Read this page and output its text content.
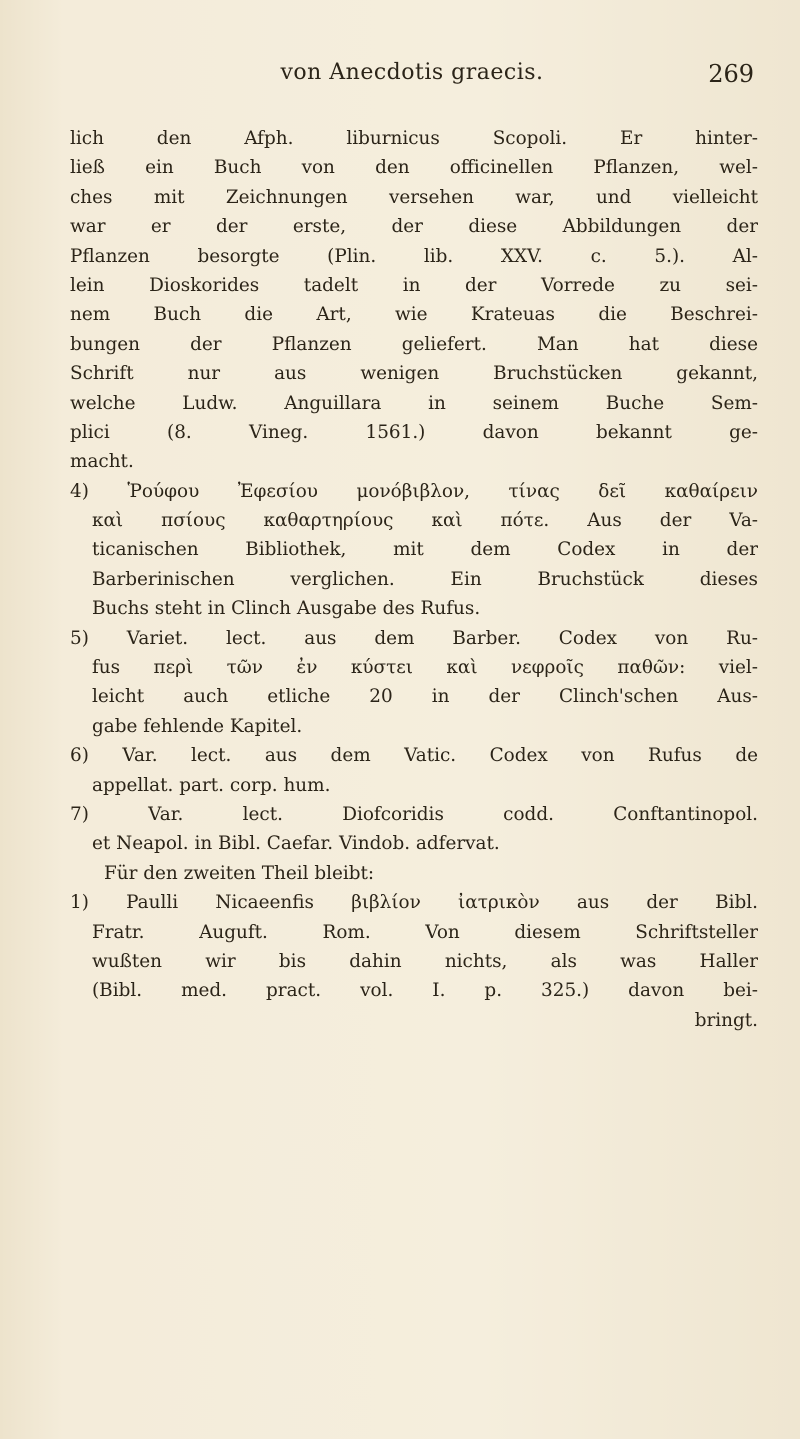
von Anecdotis graecis.	269
lich den Afph. liburnicus Scopoli. Er hinter-
ließ ein Buch von den officinellen Pflanzen, wel-
ches mit Zeichnungen versehen war, und vielleicht
war er der erste, der diese Abbildungen der
Pflanzen besorgte (Plin. lib. XXV. c. 5.). Al-
lein Dioskorides tadelt in der Vorrede zu sei-
nem Buch die Art, wie Krateuas die Beschrei-
bungen der Pflanzen geliefert. Man hat diese
Schrift nur aus wenigen Bruchstücken gekannt,
welche Ludw. Anguillara in seinem Buche Sem-
plici (8. Vineg. 1561.) davon bekannt ge-
macht.
4) Ῥούφου Ἐφεσίου μονόβιβλον, τίνας δεῖ καθαίρειν
καὶ πσίους καθαρτηρίους καὶ πότε. Aus der Va-
ticanischen Bibliothek, mit dem Codex in der
Barberinischen verglichen. Ein Bruchstück dieses
Buchs steht in Clinch Ausgabe des Rufus.
5) Variet. lect. aus dem Barber. Codex von Ru-
fus περὶ τῶν ἐν κύστει καὶ νεφροῖς παθῶν: viel-
leicht auch etliche 20 in der Clinch'schen Aus-
gabe fehlende Kapitel.
6) Var. lect. aus dem Vatic. Codex von Rufus de
appellat. part. corp. hum.
7) Var. lect. Diofcoridis codd. Conftantinopol.
et Neapol. in Bibl. Caefar. Vindob. adfervat.
Für den zweiten Theil bleibt:
1) Paulli Nicaeenfis βιβλίον ἰατρικὸν aus der Bibl.
Fratr. Auguft. Rom. Von diesem Schriftsteller
wußten wir bis dahin nichts, als was Haller
(Bibl. med. pract. vol. I. p. 325.) davon bei-
bringt.
